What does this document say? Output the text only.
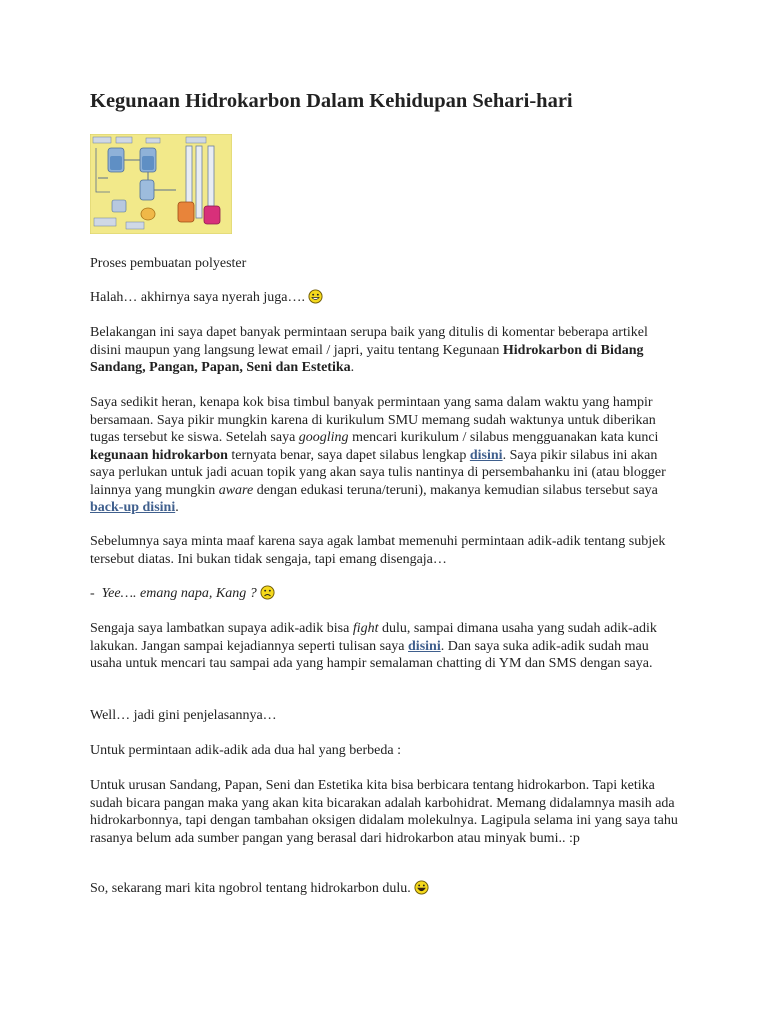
Kegunaan Hidrokarbon Dalam Kehidupan Sehari-hari

Proses pembuatan polyester

Halah… akhirnya saya nyerah juga….

Belakangan ini saya dapet banyak permintaan serupa baik yang ditulis di komentar beberapa artikel disini maupun yang langsung lewat email / japri, yaitu tentang Kegunaan Hidrokarbon di Bidang Sandang, Pangan, Papan, Seni dan Estetika.

Saya sedikit heran, kenapa kok bisa timbul banyak permintaan yang sama dalam waktu yang hampir bersamaan. Saya pikir mungkin karena di kurikulum SMU memang sudah waktunya untuk diberikan tugas tersebut ke siswa. Setelah saya googling mencari kurikulum / silabus mengguanakan kata kunci kegunaan hidrokarbon ternyata benar, saya dapet silabus lengkap disini. Saya pikir silabus ini akan saya perlukan untuk jadi acuan topik yang akan saya tulis nantinya di persembahanku ini (atau blogger lainnya yang mungkin aware dengan edukasi teruna/teruni), makanya kemudian silabus tersebut saya back-up disini.

Sebelumnya saya minta maaf karena saya agak lambat memenuhi permintaan adik-adik tentang subjek tersebut diatas. Ini bukan tidak sengaja, tapi emang disengaja…

- Yee…. emang napa, Kang ?

Sengaja saya lambatkan supaya adik-adik bisa fight dulu, sampai dimana usaha yang sudah adik-adik lakukan. Jangan sampai kejadiannya seperti tulisan saya disini. Dan saya suka adik-adik sudah mau usaha untuk mencari tau sampai ada yang hampir semalaman chatting di YM dan SMS dengan saya.

Well… jadi gini penjelasannya…

Untuk permintaan adik-adik ada dua hal yang berbeda :

Untuk urusan Sandang, Papan, Seni dan Estetika kita bisa berbicara tentang hidrokarbon. Tapi ketika sudah bicara pangan maka yang akan kita bicarakan adalah karbohidrat. Memang didalamnya masih ada hidrokarbonnya, tapi dengan tambahan oksigen didalam molekulnya. Lagipula selama ini yang saya tahu rasanya belum ada sumber pangan yang berasal dari hidrokarbon atau minyak bumi.. :p

So, sekarang mari kita ngobrol tentang hidrokarbon dulu.
